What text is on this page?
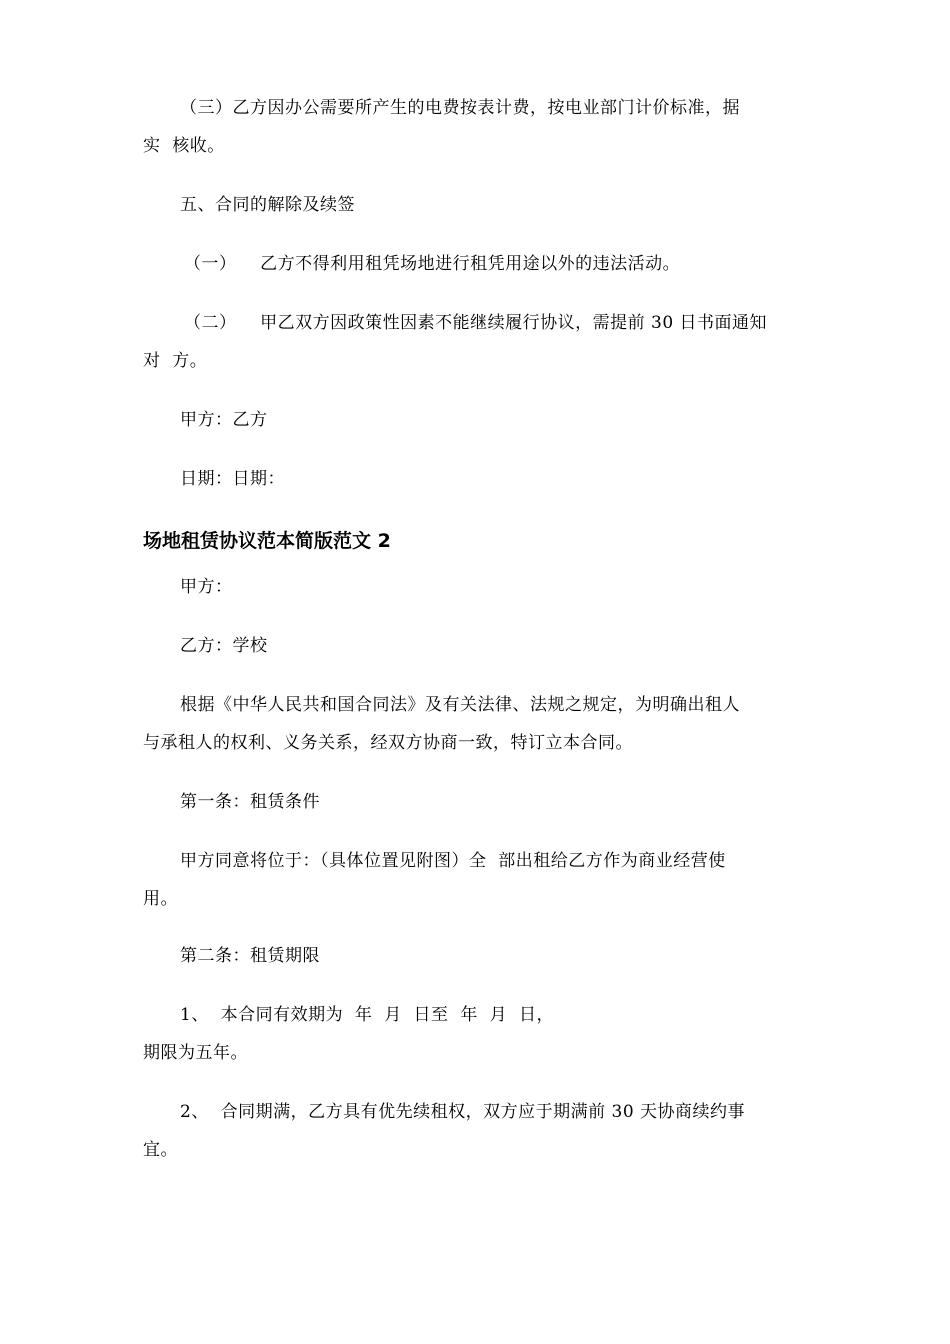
（三）乙方因办公需要所产生的电费按表计费，按电业部门计价标准，据
实  核收。
五、合同的解除及续签
（一）    乙方不得利用租凭场地进行租凭用途以外的违法活动。
（二）    甲乙双方因政策性因素不能继续履行协议，需提前 30 日书面通知
对  方。
甲方：乙方
日期：日期：
场地租赁协议范本简版范文 2
甲方：
乙方：学校
根据《中华人民共和国合同法》及有关法律、法规之规定，为明确出租人
与承租人的权利、义务关系，经双方协商一致，特订立本合同。
第一条：租赁条件
甲方同意将位于：（具体位置见附图）全  部出租给乙方作为商业经营使
用。
第二条：租赁期限
1、  本合同有效期为  年  月  日至  年  月  日，
期限为五年。
2、  合同期满，乙方具有优先续租权，双方应于期满前 30 天协商续约事
宜。
